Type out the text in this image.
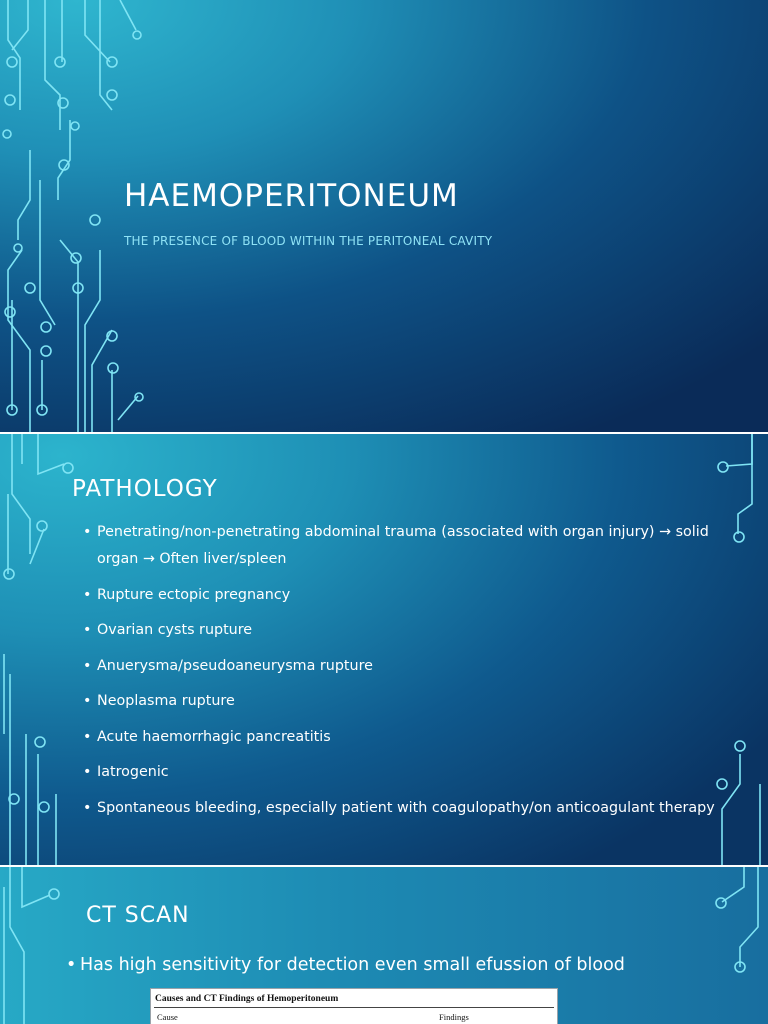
HAEMOPERITONEUM
THE PRESENCE OF BLOOD WITHIN THE PERITONEAL CAVITY
PATHOLOGY
• Penetrating/non-penetrating abdominal trauma (associated with organ injury) → solid organ → Often liver/spleen
• Rupture ectopic pregnancy
• Ovarian cysts rupture
• Anuerysma/pseudoaneurysma rupture
• Neoplasma rupture
• Acute haemorrhagic pancreatitis
• Iatrogenic
• Spontaneous bleeding, especially patient with coagulopathy/on anticoagulant therapy
CT SCAN
• Has high sensitivity for detection even small efussion of blood
Causes and CT Findings of Hemoperitoneum
Cause	Findings
